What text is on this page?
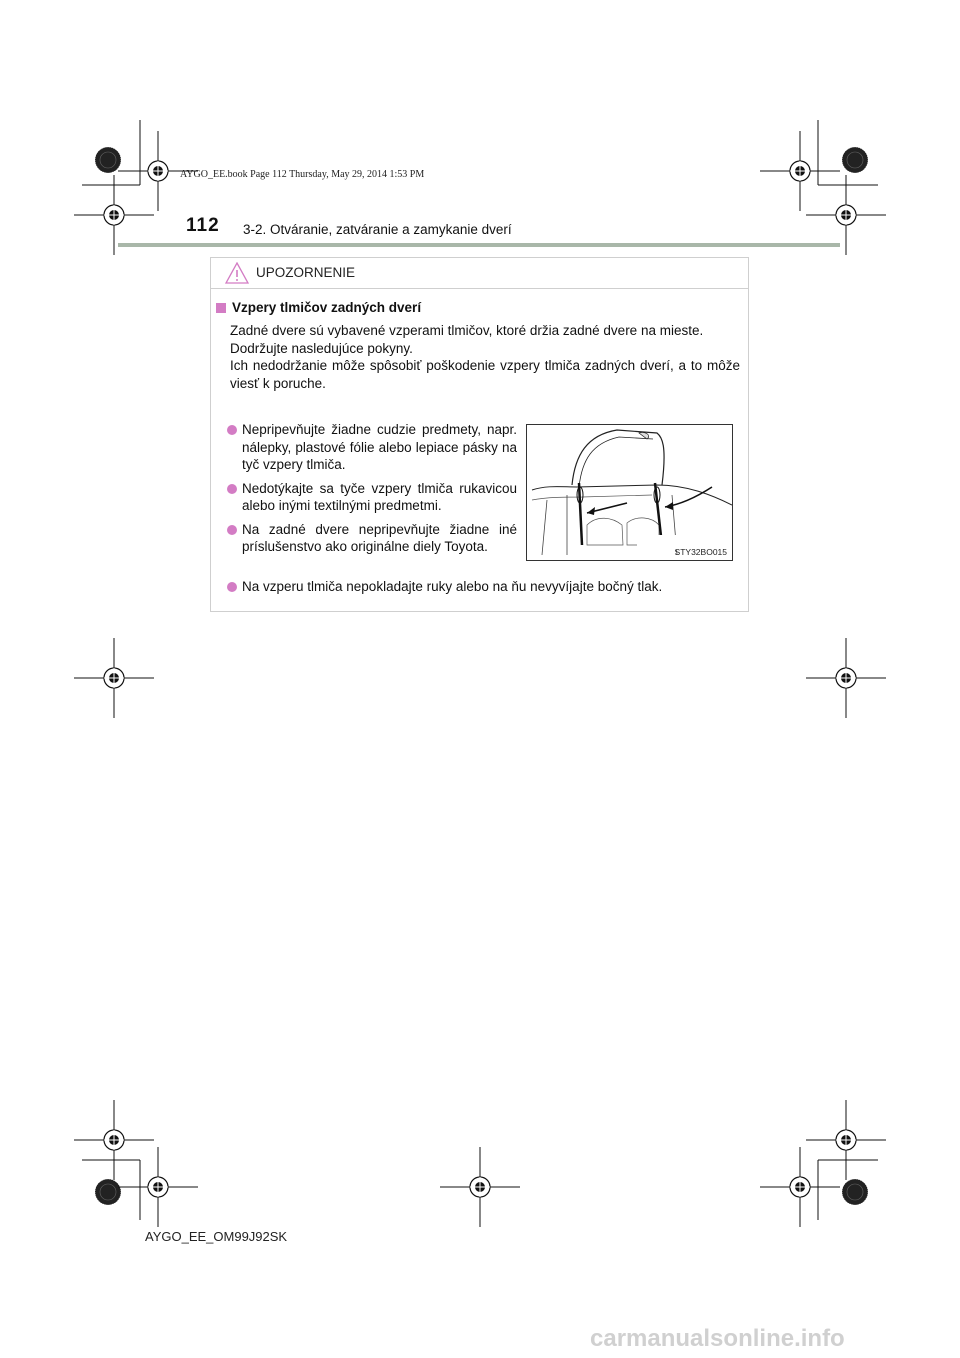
AYGO_EE.book Page 112 Thursday, May 29, 2014 1:53 PM
112 3-2. Otváranie, zatváranie a zamykanie dverí
UPOZORNENIE
Vzpery tlmičov zadných dverí

Zadné dvere sú vybavené vzperami tlmičov, ktoré držia zadné dvere na mieste.

Dodržujte nasledujúce pokyny.

Ich nedodržanie môže spôsobiť poškodenie vzpery tlmiča zadných dverí, a to môže viesť k poruche.

Nepripevňujte žiadne cudzie predmety, napr. nálepky, plastové fólie alebo lepiace pásky na tyč vzpery tlmiča.
Nedotýkajte sa tyče vzpery tlmiča rukavicou alebo inými textilnými predmetmi.
Na zadné dvere nepripevňujte žiadne iné príslušenstvo ako originálne diely Toyota.	STY32BO015
Na vzperu tlmiča nepokladajte ruky alebo na ňu nevyvíjajte bočný tlak.
AYGO_EE_OM99J92SK
carmanualsonline.info
